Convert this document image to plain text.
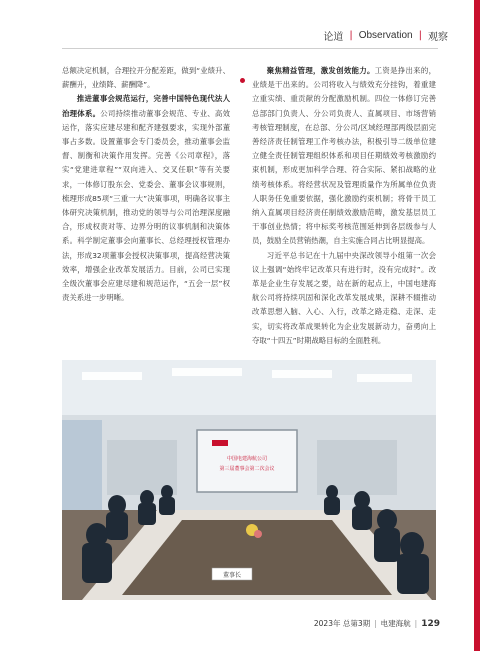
论道 | Observation | 观察

总额决定机制，合理拉开分配差距，做到“业绩升、薪酬升，业绩降、薪酬降”。

推进董事会规范运行，完善中国特色现代法人治理体系。公司持续推动董事会规范、专业、高效运作，落实应建尽建和配齐建强要求，实现外部董事占多数。设置董事会专门委员会，推动董事会监督、制衡和决策作用发挥。完善《公司章程》，落实“党建进章程”“双向进入、交叉任职”等有关要求，一体修订股东会、党委会、董事会议事规则，梳理形成85项“三重一大”决策事项，明确各议事主体研究决策机制，推动党的领导与公司治理深度融合，形成权责对等、边界分明的议事机制和决策体系。科学制定董事会向董事长、总经理授权管理办法，形成32项董事会授权决策事项，提高经营决策效率，增强企业改革发展活力。目前，公司已实现全级次董事会应建尽建和规范运作，“五会一层”权责关系进一步明晰。

聚焦精益管理，激发创效能力。工资是挣出来的，业绩是干出来的。公司将收入与绩效充分挂钩，着重建立重实绩、重贡献的分配激励机制。四位一体修订完善总部部门负责人、分公司负责人、直属项目、市场营销考核管理制度，在总部、分公司/区域经理部两级层面完善经济责任制管理工作考核办法，积极引导二级单位建立健全责任制管理组织体系和项目任期绩效考核激励约束机制，形成更加科学合理、符合实际、紧扣战略的业绩考核体系。将经营状况及管理质量作为所属单位负责人职务任免重要依据，强化激励约束机制；将骨干员工纳入直属项目经济责任制绩效激励范畴，激发基层员工干事创业热情；将中标奖考核范围延伸到各层级参与人员，鼓励全员营销热潮，自主实施合同占比明显提高。

习近平总书记在十九届中央深改领导小组第一次会议上强调“始终牢记改革只有进行时，没有完成时”。改革是企业生存发展之要，站在新的起点上，中国电建海航公司将持续巩固和深化改革发展成果，深耕不辍推动改革思想入脑、入心、入行，改革之路走稳、走深、走实，切实将改革成果转化为企业发展新动力，奋勇向上夺取“十四五”时期战略目标的全面胜利。

中国电建海航公司
第三届董事会第二次会议
董事长
2023年 总第3期 | 电建海航 | 129
